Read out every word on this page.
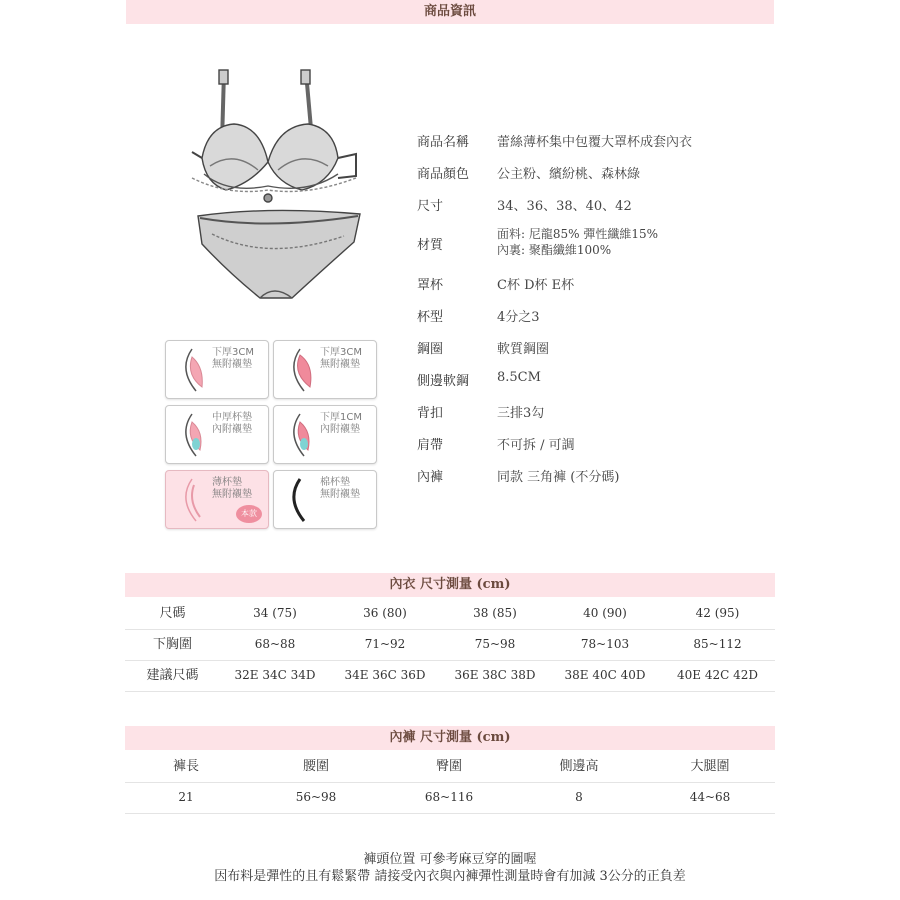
商品資訊
下厚3CM
無附襯墊
下厚3CM
無附襯墊
中厚杯墊
內附襯墊
下厚1CM
內附襯墊
薄杯墊
無附襯墊
本款
棉杯墊
無附襯墊
商品名稱	蕾絲薄杯集中包覆大罩杯成套內衣
商品顏色	公主粉、繽紛桃、森林綠
尺寸	34、36、38、40、42
材質
面料: 尼龍85% 彈性纖維15%
內裏: 聚酯纖維100%
罩杯	C杯 D杯 E杯
杯型	4分之3
鋼圈	軟質鋼圈
側邊軟鋼	8.5CM
背扣	三排3勾
肩帶	不可拆 / 可調
內褲	同款 三角褲 (不分碼)
內衣 尺寸測量 (cm)
尺碼	34 (75)	36 (80)	38 (85)	40 (90)	42 (95)
下胸圍	68~88	71~92	75~98	78~103	85~112
建議尺碼	32E 34C 34D	34E 36C 36D	36E 38C 38D	38E 40C 40D	40E 42C 42D
內褲 尺寸測量 (cm)
褲長	腰圍	臀圍	側邊高	大腿圍
21	56~98	68~116	8	44~68
褲頭位置 可參考麻豆穿的圖喔
因布料是彈性的且有鬆緊帶 請接受內衣與內褲彈性測量時會有加減 3公分的正負差
